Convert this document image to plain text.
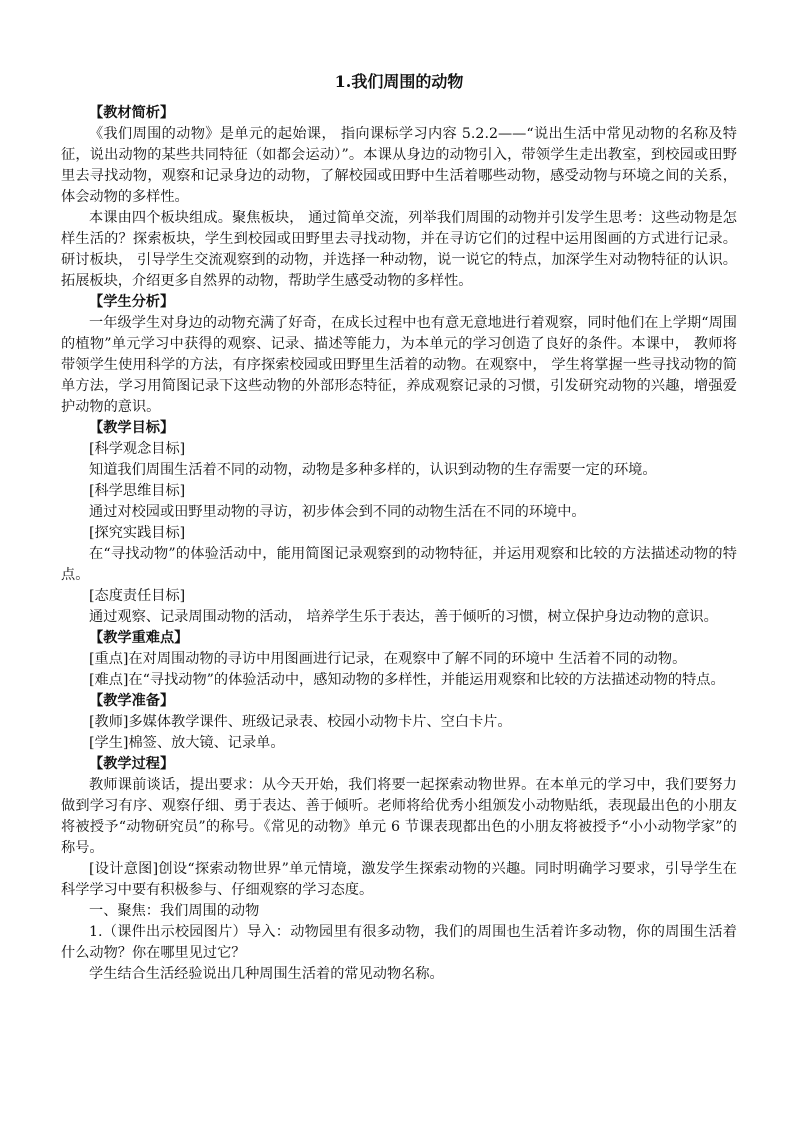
1.我们周围的动物

【教材简析】

《我们周围的动物》是单元的起始课， 指向课标学习内容 5.2.2——“说出生活中常见动物的名称及特征，说出动物的某些共同特征（如都会运动）”。本课从身边的动物引入，带领学生走出教室，到校园或田野里去寻找动物，观察和记录身边的动物，了解校园或田野中生活着哪些动物，感受动物与环境之间的关系，体会动物的多样性。

本课由四个板块组成。聚焦板块， 通过简单交流，列举我们周围的动物并引发学生思考：这些动物是怎样生活的？探索板块，学生到校园或田野里去寻找动物，并在寻访它们的过程中运用图画的方式进行记录。研讨板块， 引导学生交流观察到的动物，并选择一种动物，说一说它的特点，加深学生对动物特征的认识。拓展板块，介绍更多自然界的动物，帮助学生感受动物的多样性。

【学生分析】

一年级学生对身边的动物充满了好奇，在成长过程中也有意无意地进行着观察，同时他们在上学期“周围的植物”单元学习中获得的观察、记录、描述等能力，为本单元的学习创造了良好的条件。本课中， 教师将带领学生使用科学的方法，有序探索校园或田野里生活着的动物。在观察中， 学生将掌握一些寻找动物的简单方法，学习用简图记录下这些动物的外部形态特征，养成观察记录的习惯，引发研究动物的兴趣，增强爱护动物的意识。

【教学目标】

[科学观念目标]

知道我们周围生活着不同的动物，动物是多种多样的，认识到动物的生存需要一定的环境。

[科学思维目标]

通过对校园或田野里动物的寻访，初步体会到不同的动物生活在不同的环境中。

[探究实践目标]

在“寻找动物”的体验活动中，能用简图记录观察到的动物特征，并运用观察和比较的方法描述动物的特点。

[态度责任目标]

通过观察、记录周围动物的活动， 培养学生乐于表达，善于倾听的习惯，树立保护身边动物的意识。

【教学重难点】

[重点]在对周围动物的寻访中用图画进行记录，在观察中了解不同的环境中 生活着不同的动物。

[难点]在“寻找动物”的体验活动中，感知动物的多样性，并能运用观察和比较的方法描述动物的特点。

【教学准备】

[教师]多媒体教学课件、班级记录表、校园小动物卡片、空白卡片。

[学生]棉签、放大镜、记录单。

【教学过程】

教师课前谈话，提出要求：从今天开始，我们将要一起探索动物世界。在本单元的学习中，我们要努力做到学习有序、观察仔细、勇于表达、善于倾听。老师将给优秀小组颁发小动物贴纸，表现最出色的小朋友将被授予“动物研究员”的称号。《常见的动物》单元 6 节课表现都出色的小朋友将被授予“小小动物学家”的称号。

[设计意图]创设“探索动物世界”单元情境，激发学生探索动物的兴趣。同时明确学习要求，引导学生在科学学习中要有积极参与、仔细观察的学习态度。

一、聚焦：我们周围的动物

1.（课件出示校园图片）导入：动物园里有很多动物，我们的周围也生活着许多动物，你的周围生活着什么动物？你在哪里见过它？

学生结合生活经验说出几种周围生活着的常见动物名称。
